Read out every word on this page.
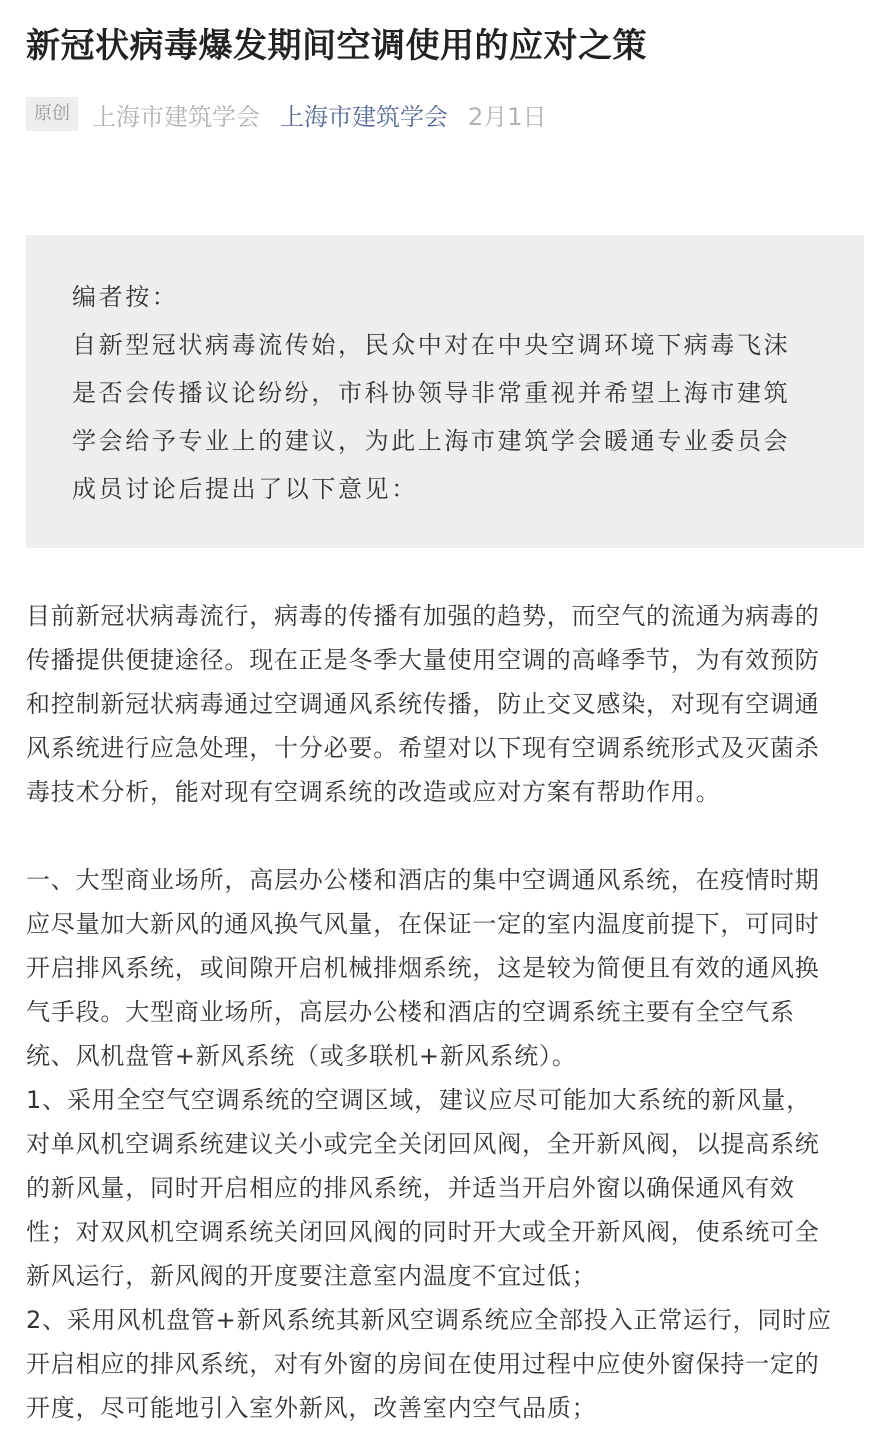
新冠状病毒爆发期间空调使用的应对之策
原创 上海市建筑学会 上海市建筑学会 2月1日
编者按：
自新型冠状病毒流传始，民众中对在中央空调环境下病毒飞沫
是否会传播议论纷纷，市科协领导非常重视并希望上海市建筑
学会给予专业上的建议，为此上海市建筑学会暖通专业委员会
成员讨论后提出了以下意见：
目前新冠状病毒流行，病毒的传播有加强的趋势，而空气的流通为病毒的
传播提供便捷途径。现在正是冬季大量使用空调的高峰季节，为有效预防
和控制新冠状病毒通过空调通风系统传播，防止交叉感染，对现有空调通
风系统进行应急处理，十分必要。希望对以下现有空调系统形式及灭菌杀
毒技术分析，能对现有空调系统的改造或应对方案有帮助作用。
一、大型商业场所，高层办公楼和酒店的集中空调通风系统，在疫情时期
应尽量加大新风的通风换气风量，在保证一定的室内温度前提下，可同时
开启排风系统，或间隙开启机械排烟系统，这是较为简便且有效的通风换
气手段。大型商业场所，高层办公楼和酒店的空调系统主要有全空气系
统、风机盘管+新风系统（或多联机+新风系统）。
1、采用全空气空调系统的空调区域，建议应尽可能加大系统的新风量，
对单风机空调系统建议关小或完全关闭回风阀，全开新风阀，以提高系统
的新风量，同时开启相应的排风系统，并适当开启外窗以确保通风有效
性；对双风机空调系统关闭回风阀的同时开大或全开新风阀，使系统可全
新风运行，新风阀的开度要注意室内温度不宜过低；
2、采用风机盘管+新风系统其新风空调系统应全部投入正常运行，同时应
开启相应的排风系统，对有外窗的房间在使用过程中应使外窗保持一定的
开度，尽可能地引入室外新风，改善室内空气品质；
